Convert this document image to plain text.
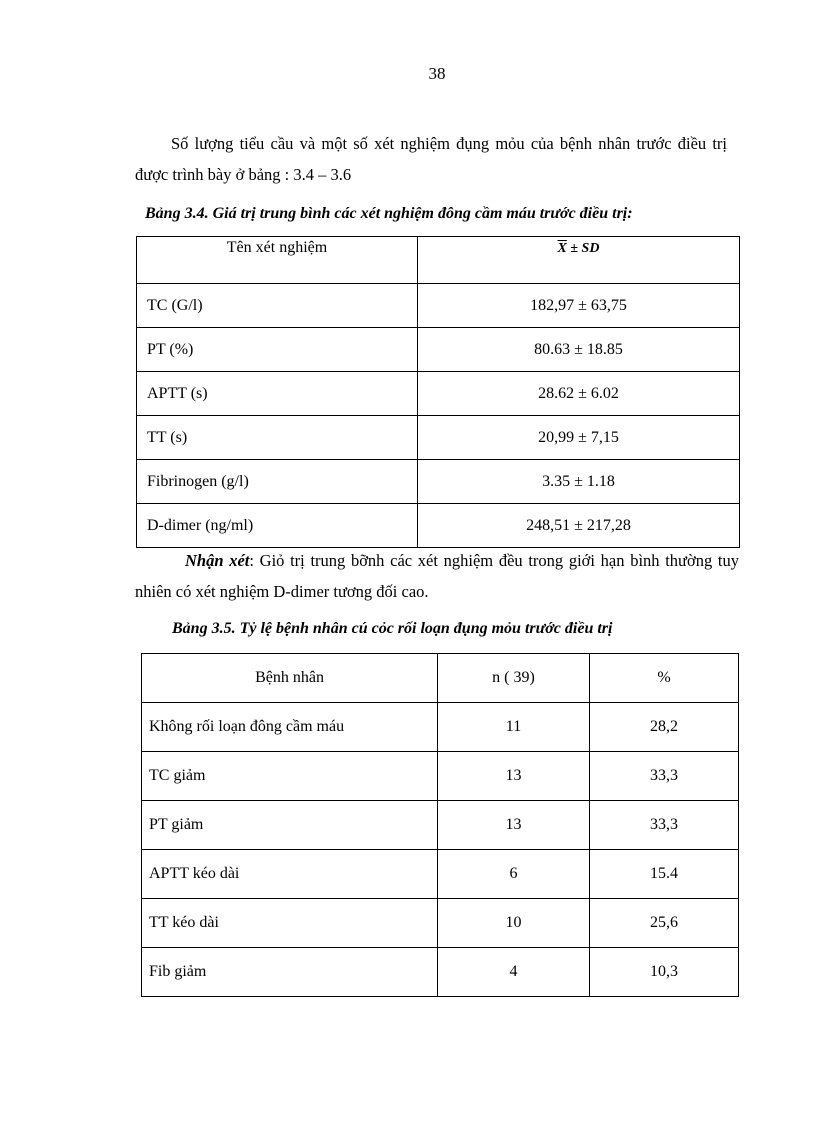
38
Số lượng tiểu cầu và một số xét nghiệm đụng mỏu của bệnh nhân trước điều trị được trình bày ở bảng : 3.4 – 3.6
Bảng 3.4. Giá trị trung bình các xét nghiệm đông cầm máu trước điều trị:
Tên xét nghiệm	$\overline{X}$ ± SD
TC (G/l)	182,97 ± 63,75
PT (%)	80.63 ± 18.85
APTT (s)	28.62 ± 6.02
TT (s)	20,99 ± 7,15
Fibrinogen (g/l)	3.35 ± 1.18
D-dimer (ng/ml)	248,51 ± 217,28
Nhận xét: Giỏ trị trung bỡnh các xét nghiệm đều trong giới hạn bình thường tuy nhiên có xét nghiệm D-dimer tương đối cao.
Bảng 3.5. Tỷ lệ bệnh nhân cú cỏc rối loạn đụng mỏu trước điều trị
Bệnh nhân	n ( 39)	%
Không rối loạn đông cầm máu	11	28,2
TC giảm	13	33,3
PT giảm	13	33,3
APTT kéo dài	6	15.4
TT kéo dài	10	25,6
Fib giảm	4	10,3
